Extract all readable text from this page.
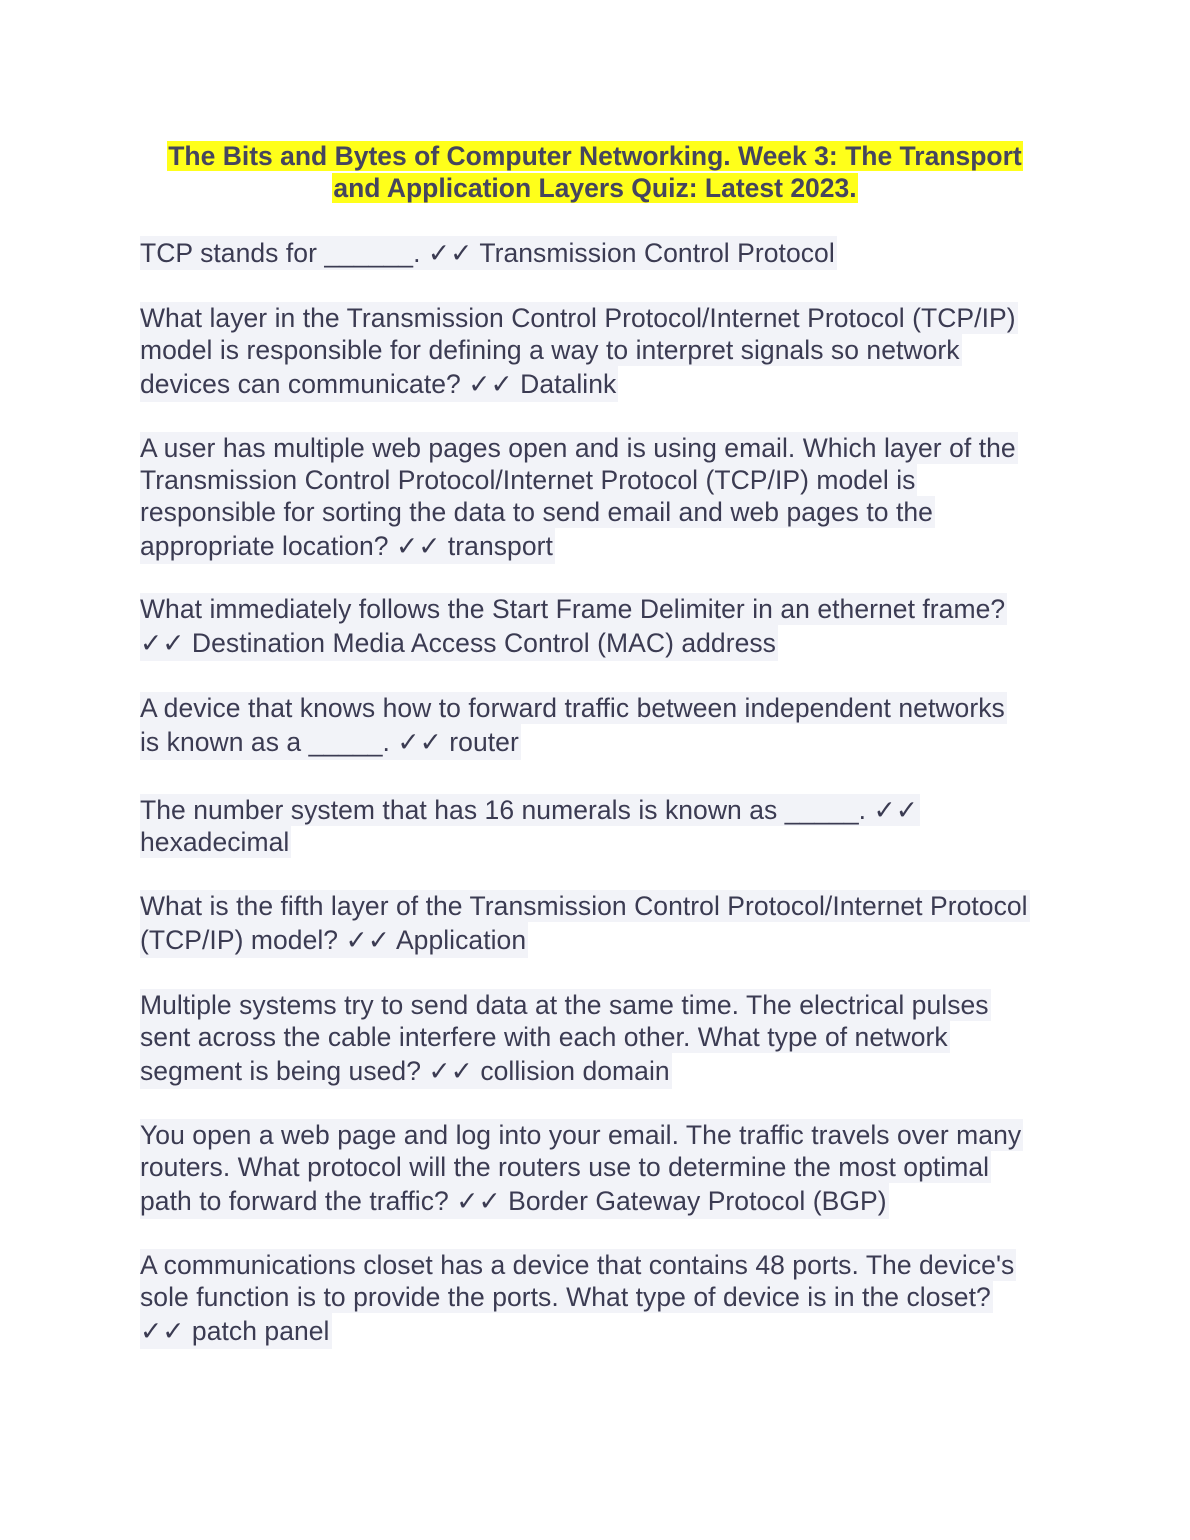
The Bits and Bytes of Computer Networking. Week 3: The Transport
and Application Layers Quiz: Latest 2023.
TCP stands for ______. ✓✓ Transmission Control Protocol
What layer in the Transmission Control Protocol/Internet Protocol (TCP/IP)
model is responsible for defining a way to interpret signals so network
devices can communicate? ✓✓ Datalink
A user has multiple web pages open and is using email. Which layer of the
Transmission Control Protocol/Internet Protocol (TCP/IP) model is
responsible for sorting the data to send email and web pages to the
appropriate location? ✓✓ transport
What immediately follows the Start Frame Delimiter in an ethernet frame?
✓✓ Destination Media Access Control (MAC) address
A device that knows how to forward traffic between independent networks
is known as a _____. ✓✓ router
The number system that has 16 numerals is known as _____. ✓✓
hexadecimal
What is the fifth layer of the Transmission Control Protocol/Internet Protocol
(TCP/IP) model? ✓✓ Application
Multiple systems try to send data at the same time. The electrical pulses
sent across the cable interfere with each other. What type of network
segment is being used? ✓✓ collision domain
You open a web page and log into your email. The traffic travels over many
routers. What protocol will the routers use to determine the most optimal
path to forward the traffic? ✓✓ Border Gateway Protocol (BGP)
A communications closet has a device that contains 48 ports. The device's
sole function is to provide the ports. What type of device is in the closet?
✓✓ patch panel
